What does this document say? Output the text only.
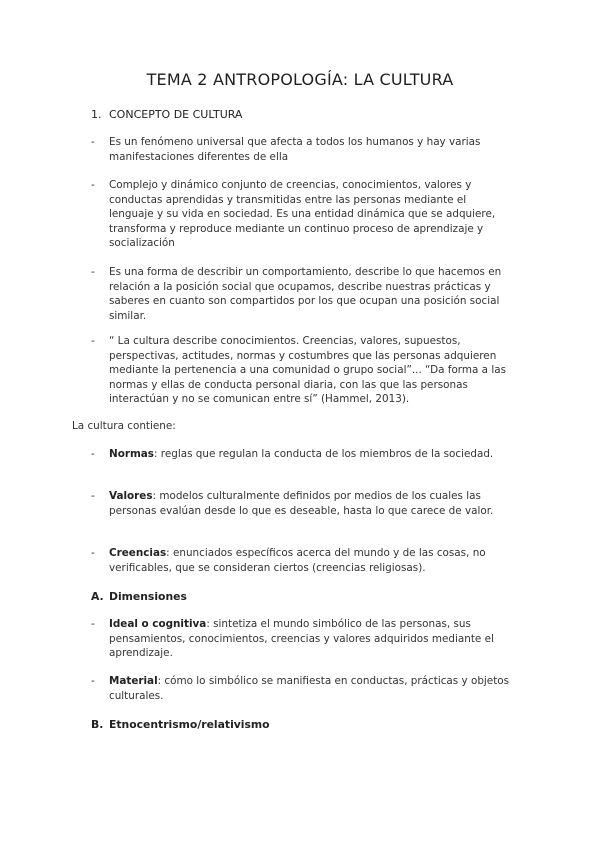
TEMA 2 ANTROPOLOGÍA: LA CULTURA
1. CONCEPTO DE CULTURA
-	Es un fenómeno universal que afecta a todos los humanos y hay varias manifestaciones diferentes de ella
-	Complejo y dinámico conjunto de creencias, conocimientos, valores y conductas aprendidas y transmitidas entre las personas mediante el lenguaje y su vida en sociedad. Es una entidad dinámica que se adquiere, transforma y reproduce mediante un continuo proceso de aprendizaje y socialización
-	Es una forma de describir un comportamiento, describe lo que hacemos en relación a la posición social que ocupamos, describe nuestras prácticas y saberes en cuanto son compartidos por los que ocupan una posición social similar.
-	“ La cultura describe conocimientos. Creencias, valores, supuestos, perspectivas, actitudes, normas y costumbres que las personas adquieren mediante la pertenencia a una comunidad o grupo social”... “Da forma a las normas y ellas de conducta personal diaria, con las que las personas interactúan y no se comunican entre sí” (Hammel, 2013).
La cultura contiene:
-	Normas: reglas que regulan la conducta de los miembros de la sociedad.
-	Valores: modelos culturalmente definidos por medios de los cuales las personas evalúan desde lo que es deseable, hasta lo que carece de valor.
-	Creencias: enunciados específicos acerca del mundo y de las cosas, no verificables, que se consideran ciertos (creencias religiosas).
A. Dimensiones
-	Ideal o cognitiva: sintetiza el mundo simbólico de las personas, sus pensamientos, conocimientos, creencias y valores adquiridos mediante el aprendizaje.
-	Material: cómo lo simbólico se manifiesta en conductas, prácticas y objetos culturales.
B. Etnocentrismo/relativismo
